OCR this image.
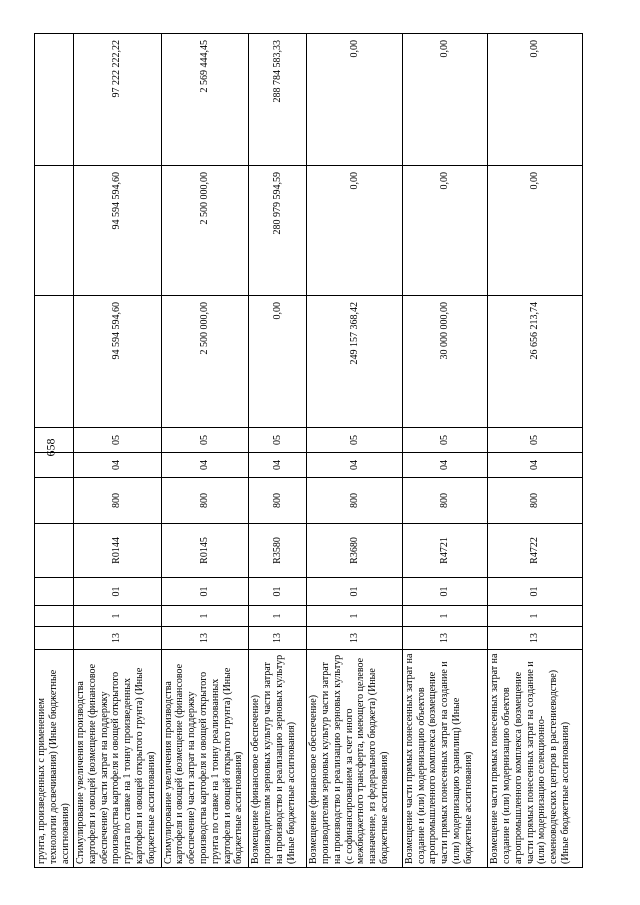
658
грунта, произведенных с применением технологии досвечивания) (Иные бюджетные ассигнования)										
Стимулирование увеличения производства картофеля и овощей (возмещение (финансовое обеспечение) части затрат на поддержку производства картофеля и овощей открытого грунта по ставке на 1 тонну произведенных картофеля и овощей открытого грунта) (Иные бюджетные ассигнования)	13	1	01	R0144	800	04	05	94 594 594,60	94 594 594,60	97 222 222,22
Стимулирование увеличения производства картофеля и овощей (возмещение (финансовое обеспечение) части затрат на поддержку производства картофеля и овощей открытого грунта по ставке на 1 тонну реализованных картофеля и овощей открытого грунта) (Иные бюджетные ассигнования)	13	1	01	R0145	800	04	05	2 500 000,00	2 500 000,00	2 569 444,45
Возмещение (финансовое обеспечение) производителям зерновых культур части затрат на производство и реализацию зерновых культур (Иные бюджетные ассигнования)	13	1	01	R3580	800	04	05	0,00	280 979 594,59	288 784 583,33
Возмещение (финансовое обеспечение) производителям зерновых культур части затрат на производство и реализацию зерновых культур (с софинансированием за счет иного межбюджетного трансферта, имеющего целевое назначение, из федерального бюджета) (Иные бюджетные ассигнования)	13	1	01	R3680	800	04	05	249 157 368,42	0,00	0,00
Возмещение части прямых понесенных затрат на создание и (или) модернизацию объектов агропромышленного комплекса (возмещение части прямых понесенных затрат на создание и (или) модернизацию хранилищ) (Иные бюджетные ассигнования)	13	1	01	R4721	800	04	05	30 000 000,00	0,00	0,00
Возмещение части прямых понесенных затрат на создание и (или) модернизацию объектов агропромышленного комплекса (возмещение части прямых понесенных затрат на создание и (или) модернизацию селекционно-семеноводческих центров в растениеводстве) (Иные бюджетные ассигнования)	13	1	01	R4722	800	04	05	26 656 213,74	0,00	0,00
